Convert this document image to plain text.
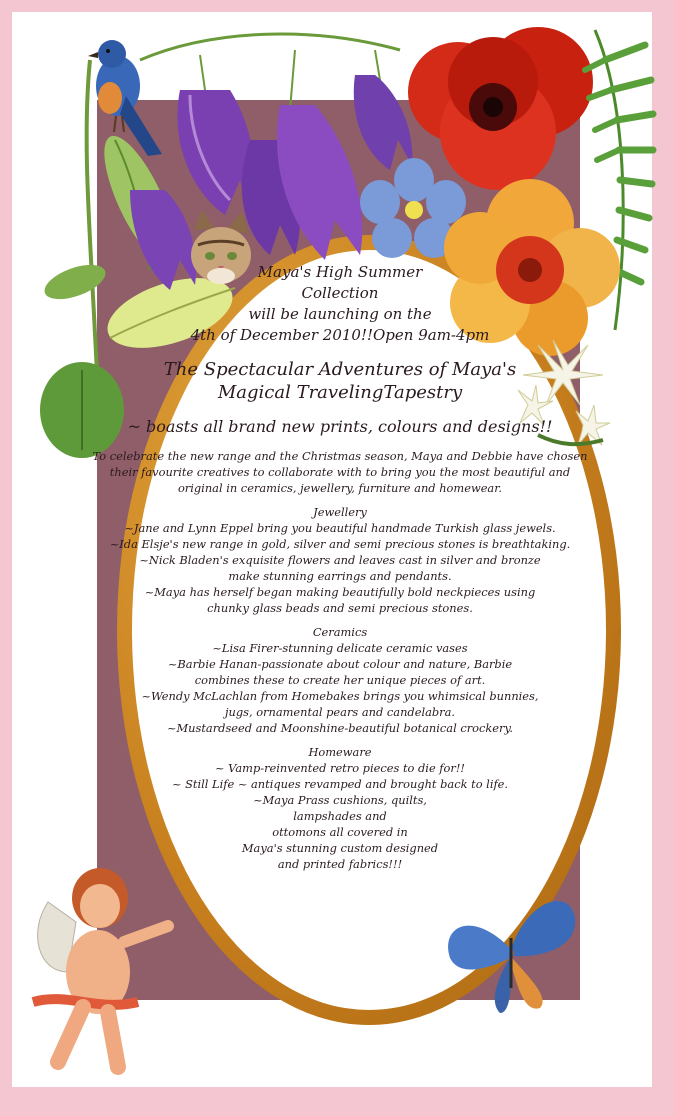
Maya's High Summer
Collection
will be launching on the
4th of December 2010!!Open 9am-4pm
The Spectacular Adventures of Maya's
Magical TravelingTapestry
~ boasts all brand new prints, colours and designs!!
To celebrate the new range and the Christmas season, Maya and Debbie have chosen
their favourite creatives to collaborate with to bring you the most beautiful and
original in ceramics, jewellery, furniture and homewear.
Jewellery
~Jane and Lynn Eppel bring you beautiful handmade Turkish glass jewels.
~Ida Elsje's new range in gold, silver and semi precious stones is breathtaking.
~Nick Bladen's exquisite flowers and leaves cast in silver and bronze
make stunning earrings and pendants.
~Maya has herself began making beautifully bold neckpieces using
chunky glass beads and semi precious stones.
Ceramics
~Lisa Firer-stunning delicate ceramic vases
~Barbie Hanan-passionate about colour and nature, Barbie
combines these to create her unique pieces of art.
~Wendy McLachlan from Homebakes brings you whimsical bunnies,
jugs, ornamental pears and candelabra.
~Mustardseed and Moonshine-beautiful botanical crockery.
Homeware
~ Vamp-reinvented retro pieces to die for!!
~ Still Life ~ antiques revamped and brought back to life.
~Maya Prass cushions, quilts,
lampshades and
ottomons all covered in
Maya's stunning custom designed
and printed fabrics!!!
